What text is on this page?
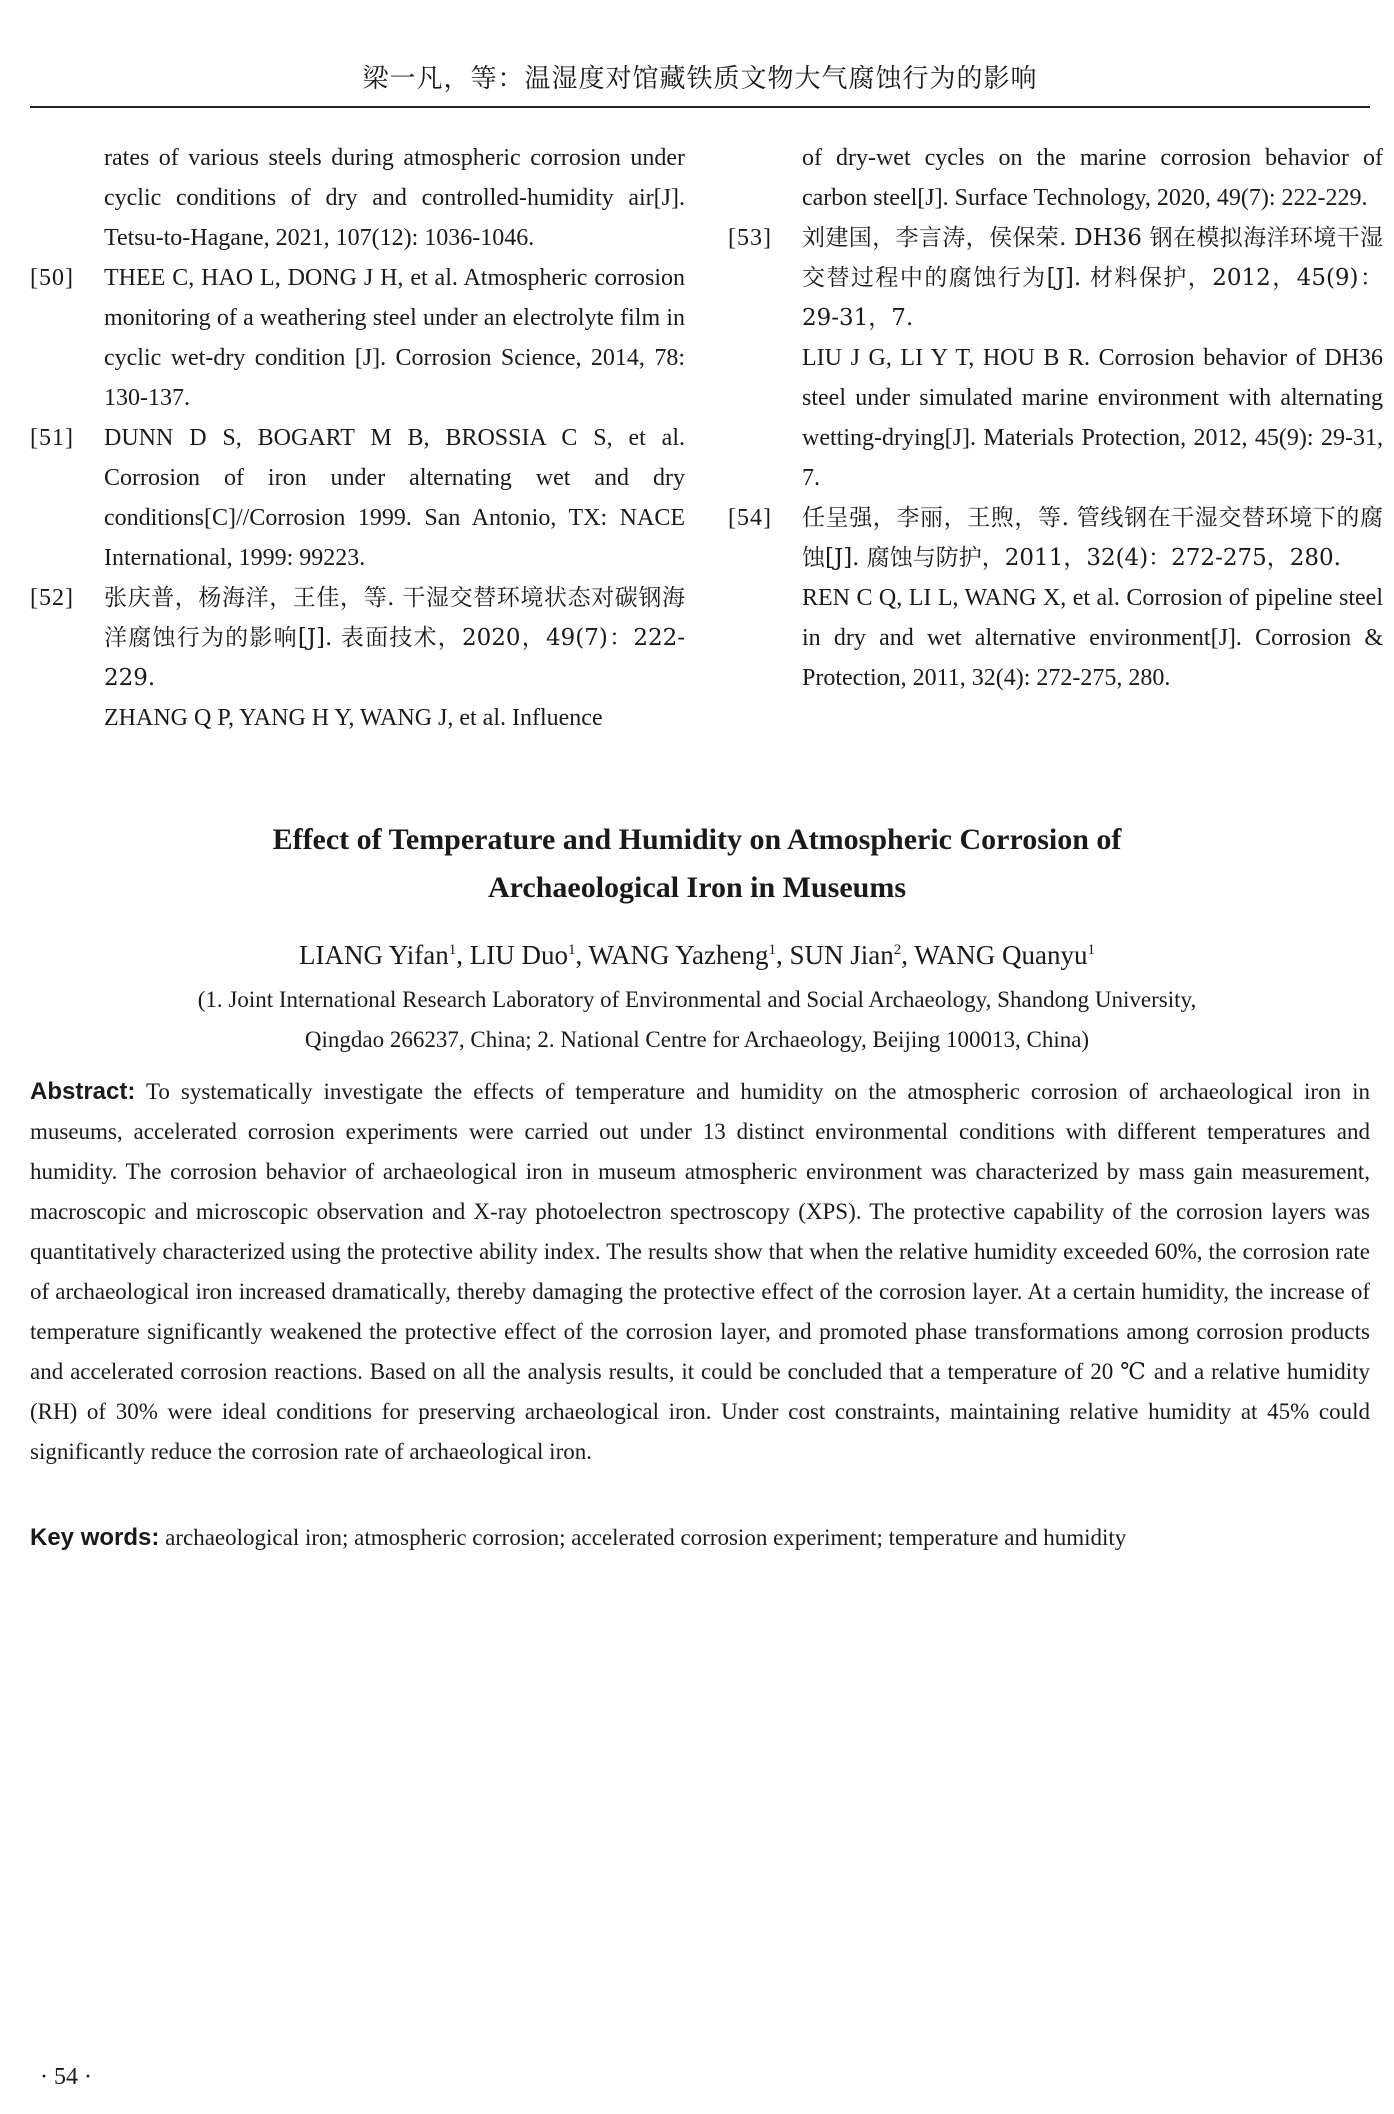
梁一凡，等：温湿度对馆藏铁质文物大气腐蚀行为的影响

rates of various steels during atmospheric corrosion under cyclic conditions of dry and controlled-humidity air[J]. Tetsu-to-Hagane, 2021, 107(12): 1036-1046.

[50]	THEE C, HAO L, DONG J H, et al. Atmospheric corrosion monitoring of a weathering steel under an electrolyte film in cyclic wet-dry condition [J]. Corrosion Science, 2014, 78: 130-137.

[51]	DUNN D S, BOGART M B, BROSSIA C S, et al. Corrosion of iron under alternating wet and dry conditions[C]//Corrosion 1999. San Antonio, TX: NACE International, 1999: 99223.

[52]	张庆普，杨海洋，王佳，等. 干湿交替环境状态对碳钢海洋腐蚀行为的影响[J]. 表面技术，2020，49(7)：222-229.

ZHANG Q P, YANG H Y, WANG J, et al. Influence

of dry-wet cycles on the marine corrosion behavior of carbon steel[J]. Surface Technology, 2020, 49(7): 222-229.

[53]	刘建国，李言涛，侯保荣. DH36 钢在模拟海洋环境干湿交替过程中的腐蚀行为[J]. 材料保护，2012，45(9)：29-31，7.

LIU J G, LI Y T, HOU B R. Corrosion behavior of DH36 steel under simulated marine environment with alternating wetting-drying[J]. Materials Protection, 2012, 45(9): 29-31, 7.

[54]	任呈强，李丽，王煦，等. 管线钢在干湿交替环境下的腐蚀[J]. 腐蚀与防护，2011，32(4)：272-275，280.

REN C Q, LI L, WANG X, et al. Corrosion of pipeline steel in dry and wet alternative environment[J]. Corrosion & Protection, 2011, 32(4): 272-275, 280.

Effect of Temperature and Humidity on Atmospheric Corrosion of
Archaeological Iron in Museums
LIANG Yifan$^1$, LIU Duo$^1$, WANG Yazheng$^1$, SUN Jian$^2$, WANG Quanyu$^1$
(1. Joint International Research Laboratory of Environmental and Social Archaeology, Shandong University,
Qingdao 266237, China; 2. National Centre for Archaeology, Beijing 100013, China)
Abstract: To systematically investigate the effects of temperature and humidity on the atmospheric corrosion of archaeological iron in museums, accelerated corrosion experiments were carried out under 13 distinct environmental conditions with different temperatures and humidity. The corrosion behavior of archaeological iron in museum atmospheric environment was characterized by mass gain measurement, macroscopic and microscopic observation and X-ray photoelectron spectroscopy (XPS). The protective capability of the corrosion layers was quantitatively characterized using the protective ability index. The results show that when the relative humidity exceeded 60%, the corrosion rate of archaeological iron increased dramatically, thereby damaging the protective effect of the corrosion layer. At a certain humidity, the increase of temperature significantly weakened the protective effect of the corrosion layer, and promoted phase transformations among corrosion products and accelerated corrosion reactions. Based on all the analysis results, it could be concluded that a temperature of 20 ℃ and a relative humidity (RH) of 30% were ideal conditions for preserving archaeological iron. Under cost constraints, maintaining relative humidity at 45% could significantly reduce the corrosion rate of archaeological iron.
Key words: archaeological iron; atmospheric corrosion; accelerated corrosion experiment; temperature and humidity
· 54 ·
